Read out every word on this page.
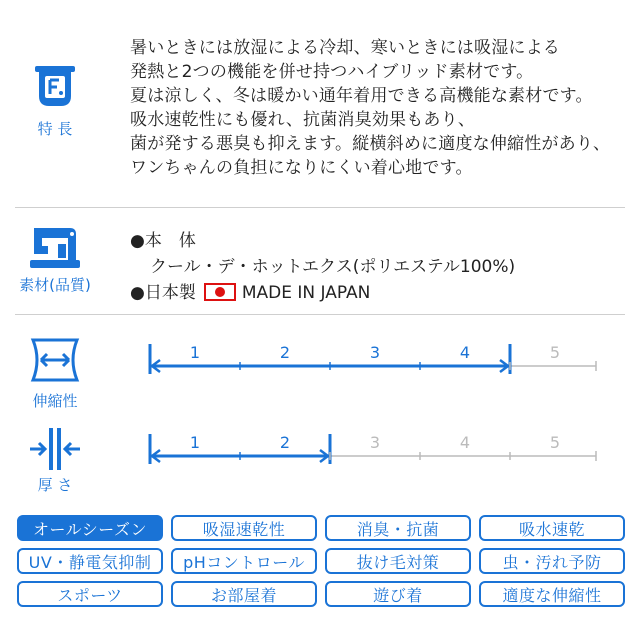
特 長
暑いときには放湿による冷却、寒いときには吸湿による
発熱と2つの機能を併せ持つハイブリッド素材です。
夏は涼しく、冬は暖かい通年着用できる高機能な素材です。
吸水速乾性にも優れ、抗菌消臭効果もあり、
菌が発する悪臭も抑えます。縦横斜めに適度な伸縮性があり、
ワンちゃんの負担になりにくい着心地です。
素材(品質)
●本　体
クール・デ・ホットエクス(ポリエステル100%)
●日本製	MADE IN JAPAN
伸縮性
1	2	3	4	5
厚 さ
1	2	3	4	5
オールシーズン	吸湿速乾性	消臭・抗菌	吸水速乾
UV・静電気抑制	pHコントロール	抜け毛対策	虫・汚れ予防
スポーツ	お部屋着	遊び着	適度な伸縮性
